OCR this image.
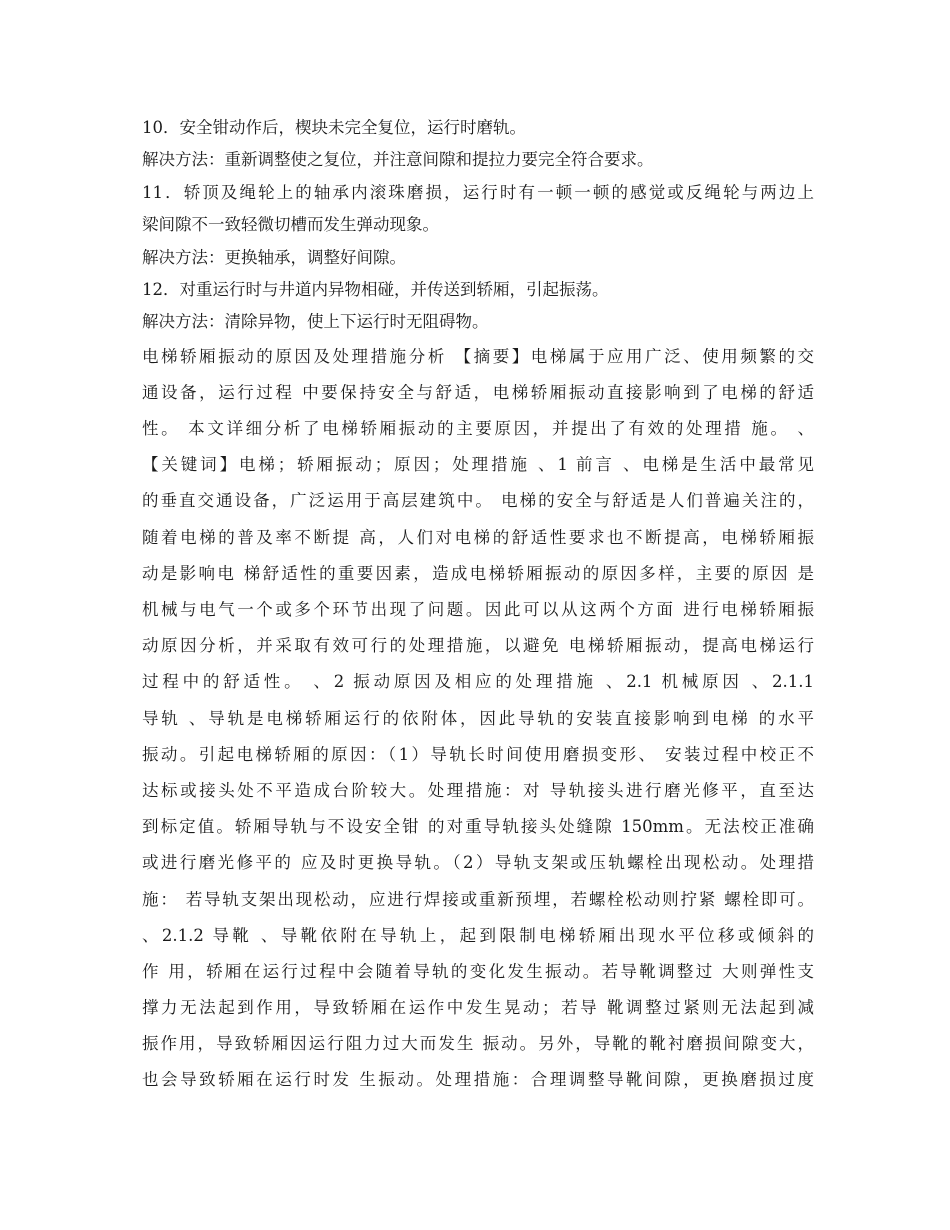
10．安全钳动作后，楔块未完全复位，运行时磨轨。
解决方法：重新调整使之复位，并注意间隙和提拉力要完全符合要求。
11．轿顶及绳轮上的轴承内滚珠磨损，运行时有一顿一顿的感觉或反绳轮与两边上
梁间隙不一致轻微切槽而发生弹动现象。
解决方法：更换轴承，调整好间隙。
12．对重运行时与井道内异物相碰，并传送到轿厢，引起振荡。
解决方法：清除异物，使上下运行时无阻碍物。
电梯轿厢振动的原因及处理措施分析 【摘要】电梯属于应用广泛、使用频繁的交
通设备，运行过程 中要保持安全与舒适，电梯轿厢振动直接影响到了电梯的舒适
性。 本文详细分析了电梯轿厢振动的主要原因，并提出了有效的处理措 施。 、
【关键词】电梯；轿厢振动；原因；处理措施 、1 前言 、电梯是生活中最常见
的垂直交通设备，广泛运用于高层建筑中。 电梯的安全与舒适是人们普遍关注的，
随着电梯的普及率不断提 高，人们对电梯的舒适性要求也不断提高，电梯轿厢振
动是影响电 梯舒适性的重要因素，造成电梯轿厢振动的原因多样，主要的原因 是
机械与电气一个或多个环节出现了问题。因此可以从这两个方面 进行电梯轿厢振
动原因分析，并采取有效可行的处理措施，以避免 电梯轿厢振动，提高电梯运行
过程中的舒适性。 、2 振动原因及相应的处理措施 、2.1 机械原因 、2.1.1
导轨 、导轨是电梯轿厢运行的依附体，因此导轨的安装直接影响到电梯 的水平
振动。引起电梯轿厢的原因：（1）导轨长时间使用磨损变形、 安装过程中校正不
达标或接头处不平造成台阶较大。处理措施：对 导轨接头进行磨光修平，直至达
到标定值。轿厢导轨与不设安全钳 的对重导轨接头处缝隙 150mm。无法校正准确
或进行磨光修平的 应及时更换导轨。（2）导轨支架或压轨螺栓出现松动。处理措
施： 若导轨支架出现松动，应进行焊接或重新预埋，若螺栓松动则拧紧 螺栓即可。
、2.1.2 导靴 、导靴依附在导轨上，起到限制电梯轿厢出现水平位移或倾斜的
作 用，轿厢在运行过程中会随着导轨的变化发生振动。若导靴调整过 大则弹性支
撑力无法起到作用，导致轿厢在运作中发生晃动；若导 靴调整过紧则无法起到减
振作用，导致轿厢因运行阻力过大而发生 振动。另外，导靴的靴衬磨损间隙变大，
也会导致轿厢在运行时发 生振动。处理措施：合理调整导靴间隙，更换磨损过度
